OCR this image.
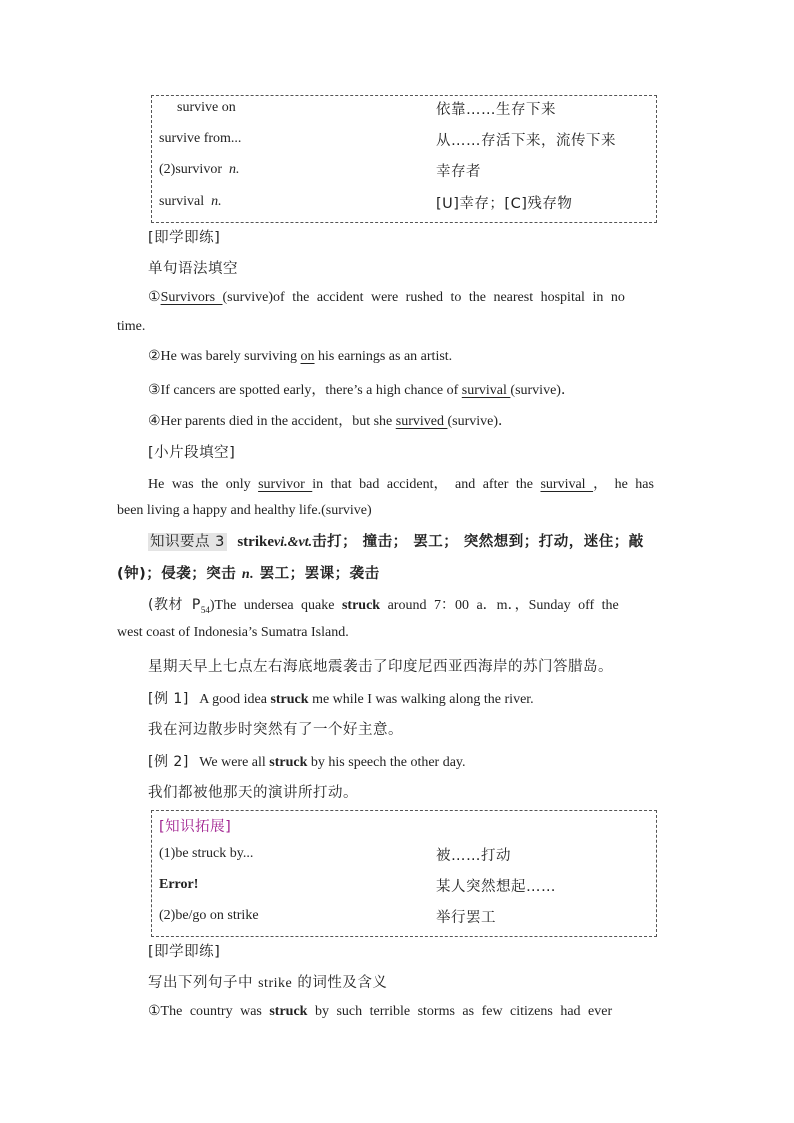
survive on	依靠……生存下来
survive from...	从……存活下来，流传下来
(2)survivor n.	幸存者
survival n.	[U]幸存；[C]残存物
[即学即练]
单句语法填空
①Survivors (survive)of the accident were rushed to the nearest hospital in no
time.
②He was barely surviving on his earnings as an artist.
③If cancers are spotted early，there’s a high chance of survival (survive)．
④Her parents died in the accident，but she survived (survive)．
[小片段填空]
He was the only survivor in that bad accident， and after the survival ， he has
been living a happy and healthy life.(survive)
知识要点 3 strikevi.&vt.击打； 撞击； 罢工； 突然想到；打动，迷住；敲
(钟)；侵袭；突击 n. 罢工；罢课；袭击
(教材 $P_{54})The$ undersea quake struck around 7：00 a．m．，Sunday off the
west coast of Indonesia’s Sumatra Island.
星期天早上七点左右海底地震袭击了印度尼西亚西海岸的苏门答腊岛。
[例 1] A good idea struck me while I was walking along the river.
我在河边散步时突然有了一个好主意。
[例 2] We were all struck by his speech the other day.
我们都被他那天的演讲所打动。
[知识拓展]
(1)be struck by...	被……打动
Error!	某人突然想起……
(2)be/go on strike	举行罢工
[即学即练]
写出下列句子中 strike 的词性及含义
①The country was struck by such terrible storms as few citizens had ever
